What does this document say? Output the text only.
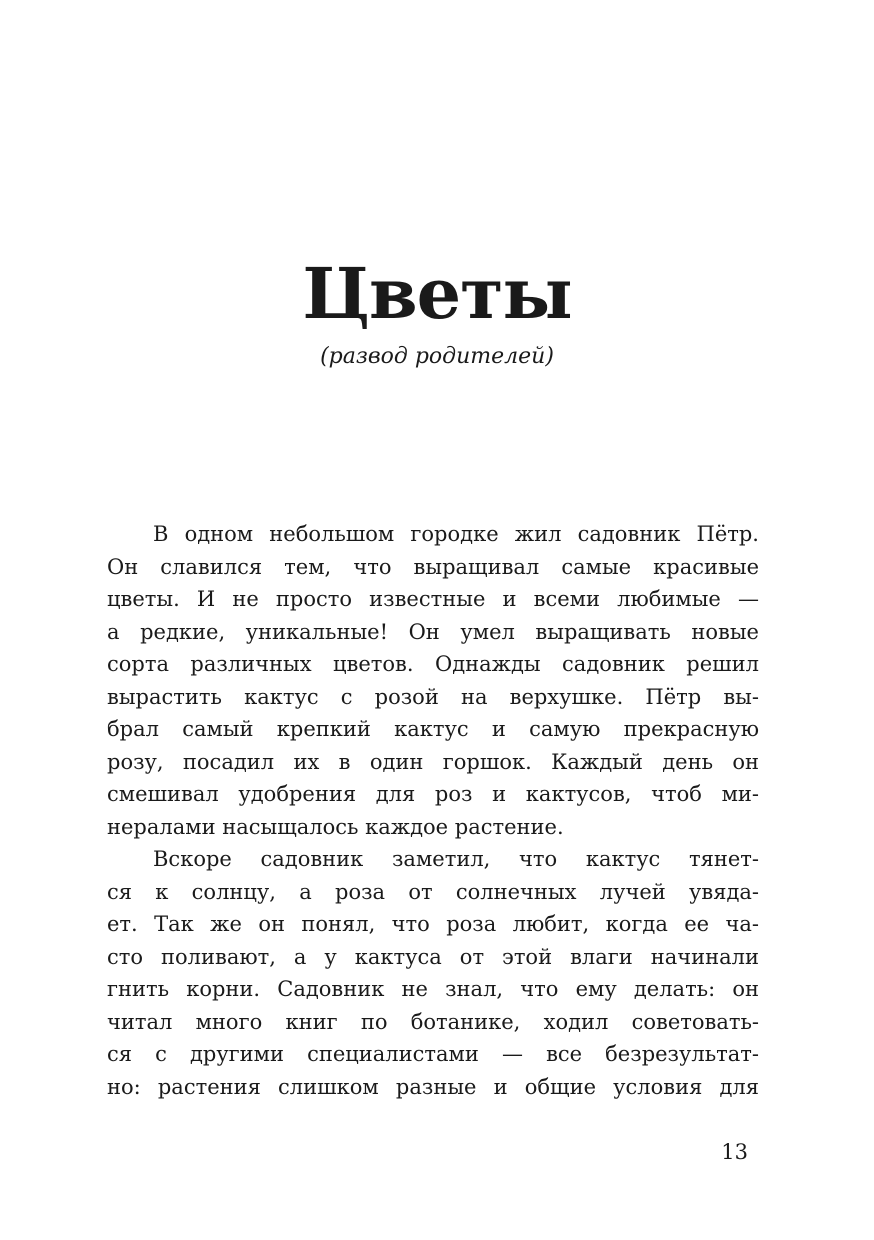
Цветы
(развод родителей)
В одном небольшом городке жил садовник Пётр.
Он славился тем, что выращивал самые красивые
цветы. И не просто известные и всеми любимые —
а редкие, уникальные! Он умел выращивать новые
сорта различных цветов. Однажды садовник решил
вырастить кактус с розой на верхушке. Пётр вы-
брал самый крепкий кактус и самую прекрасную
розу, посадил их в один горшок. Каждый день он
смешивал удобрения для роз и кактусов, чтоб ми-
нералами насыщалось каждое растение.
Вскоре садовник заметил, что кактус тянет-
ся к солнцу, а роза от солнечных лучей увяда-
ет. Так же он понял, что роза любит, когда ее ча-
сто поливают, а у кактуса от этой влаги начинали
гнить корни. Садовник не знал, что ему делать: он
читал много книг по ботанике, ходил советовать-
ся с другими специалистами — все безрезультат-
но: растения слишком разные и общие условия для
13
